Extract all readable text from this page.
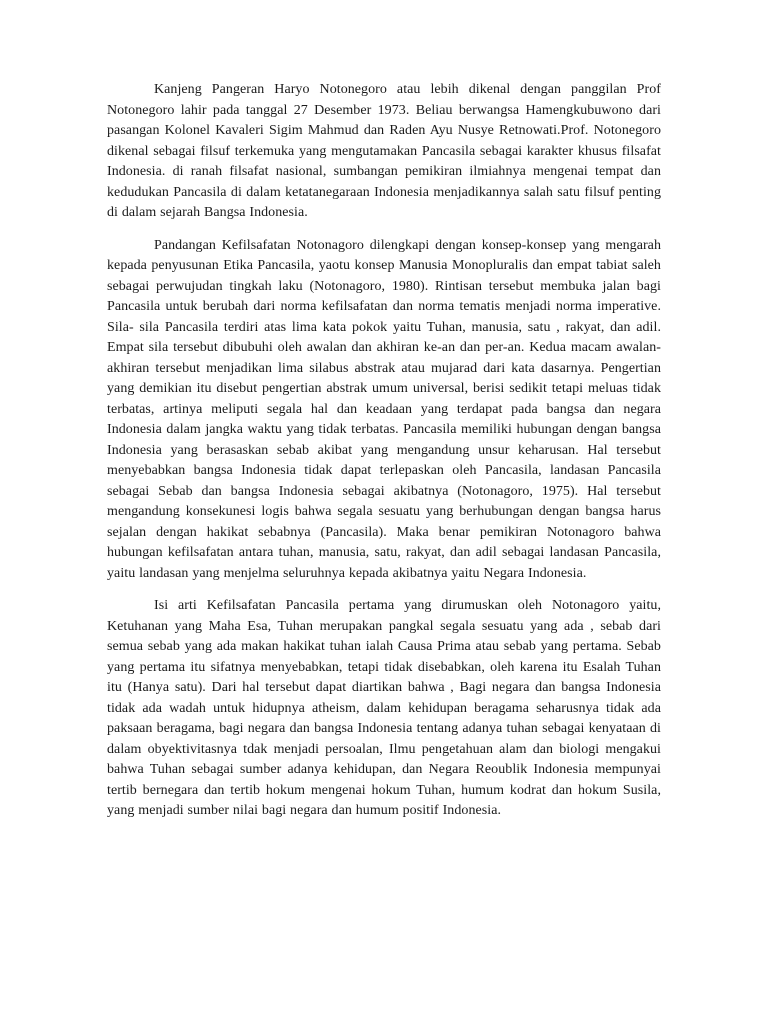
Kanjeng Pangeran Haryo Notonegoro atau lebih dikenal dengan panggilan Prof Notonegoro lahir pada tanggal 27 Desember 1973. Beliau berwangsa Hamengkubuwono dari pasangan Kolonel Kavaleri Sigim Mahmud dan Raden Ayu Nusye Retnowati.Prof. Notonegoro dikenal sebagai filsuf terkemuka yang mengutamakan Pancasila sebagai karakter khusus filsafat Indonesia. di ranah filsafat nasional, sumbangan pemikiran ilmiahnya mengenai tempat dan kedudukan Pancasila di dalam ketatanegaraan Indonesia menjadikannya salah satu filsuf penting di dalam sejarah Bangsa Indonesia.

Pandangan Kefilsafatan Notonagoro dilengkapi dengan konsep-konsep yang mengarah kepada penyusunan Etika Pancasila, yaotu konsep Manusia Monopluralis dan empat tabiat saleh sebagai perwujudan tingkah laku (Notonagoro, 1980). Rintisan tersebut membuka jalan bagi Pancasila untuk berubah dari norma kefilsafatan dan norma tematis menjadi norma imperative. Sila- sila Pancasila terdiri atas lima kata pokok yaitu Tuhan, manusia, satu , rakyat, dan adil. Empat sila tersebut dibubuhi oleh awalan dan akhiran ke-an dan per-an. Kedua macam awalan-akhiran tersebut menjadikan lima silabus abstrak atau mujarad dari kata dasarnya. Pengertian yang demikian itu disebut pengertian abstrak umum universal, berisi sedikit tetapi meluas tidak terbatas, artinya meliputi segala hal dan keadaan yang terdapat pada bangsa dan negara Indonesia dalam jangka waktu yang tidak terbatas. Pancasila memiliki hubungan dengan bangsa Indonesia yang berasaskan sebab akibat yang mengandung unsur keharusan. Hal tersebut menyebabkan bangsa Indonesia tidak dapat terlepaskan oleh Pancasila, landasan Pancasila sebagai Sebab dan bangsa Indonesia sebagai akibatnya (Notonagoro, 1975). Hal tersebut mengandung konsekunesi logis bahwa segala sesuatu yang berhubungan dengan bangsa harus sejalan dengan hakikat sebabnya (Pancasila). Maka benar pemikiran Notonagoro bahwa hubungan kefilsafatan antara tuhan, manusia, satu, rakyat, dan adil sebagai landasan Pancasila, yaitu landasan yang menjelma seluruhnya kepada akibatnya yaitu Negara Indonesia.

Isi arti Kefilsafatan Pancasila pertama yang dirumuskan oleh Notonagoro yaitu, Ketuhanan yang Maha Esa, Tuhan merupakan pangkal segala sesuatu yang ada , sebab dari semua sebab yang ada makan hakikat tuhan ialah Causa Prima atau sebab yang pertama. Sebab yang pertama itu sifatnya menyebabkan, tetapi tidak disebabkan, oleh karena itu Esalah Tuhan itu (Hanya satu). Dari hal tersebut dapat diartikan bahwa , Bagi negara dan bangsa Indonesia tidak ada wadah untuk hidupnya atheism, dalam kehidupan beragama seharusnya tidak ada paksaan beragama, bagi negara dan bangsa Indonesia tentang adanya tuhan sebagai kenyataan di dalam obyektivitasnya tdak menjadi persoalan, Ilmu pengetahuan alam dan biologi mengakui bahwa Tuhan sebagai sumber adanya kehidupan, dan Negara Reoublik Indonesia mempunyai tertib bernegara dan tertib hokum mengenai hokum Tuhan, humum kodrat dan hokum Susila, yang menjadi sumber nilai bagi negara dan humum positif Indonesia.
